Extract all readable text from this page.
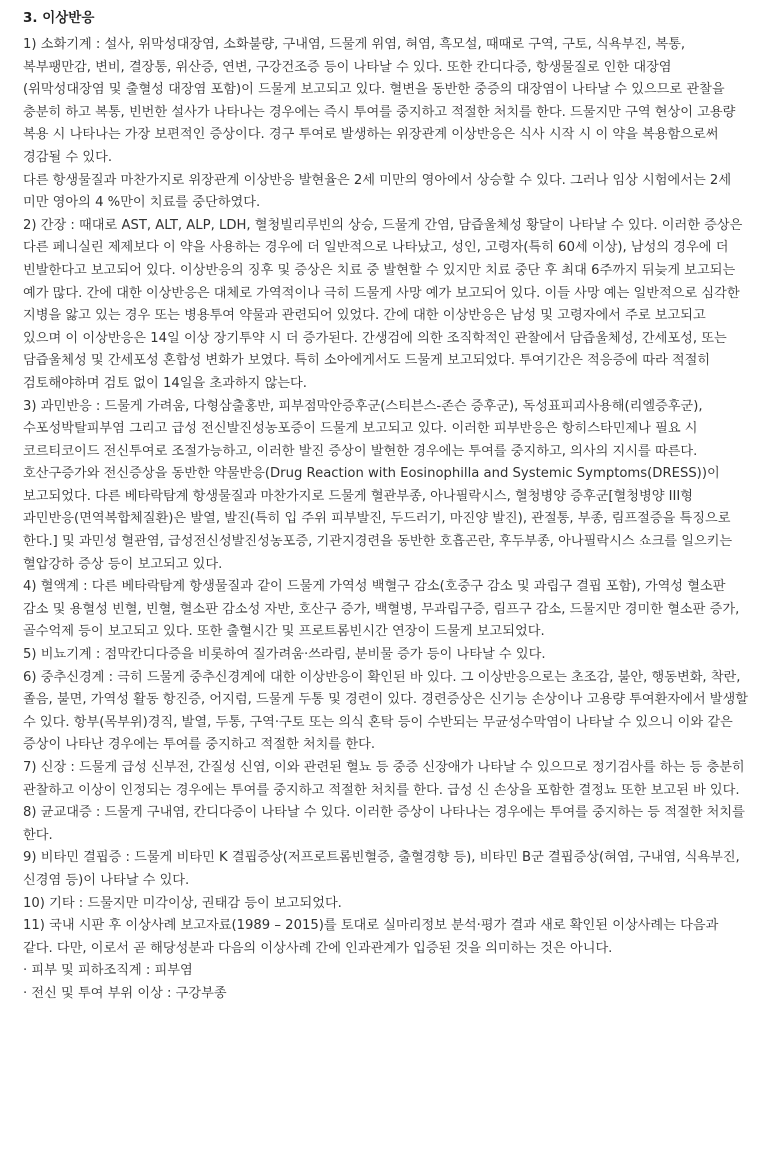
3. 이상반응

1) 소화기계 : 설사, 위막성대장염, 소화불량, 구내염, 드물게 위염, 혀염, 흑모설, 때때로 구역, 구토, 식욕부진, 복통, 복부팽만감, 변비, 결장통, 위산증, 연변, 구강건조증 등이 나타날 수 있다. 또한 칸디다증, 항생물질로 인한 대장염(위막성대장염 및 출혈성 대장염 포함)이 드물게 보고되고 있다. 혈변을 동반한 중증의 대장염이 나타날 수 있으므로 관찰을 충분히 하고 복통, 빈번한 설사가 나타나는 경우에는 즉시 투여를 중지하고 적절한 처치를 한다. 드물지만 구역 현상이 고용량 복용 시 나타나는 가장 보편적인 증상이다. 경구 투여로 발생하는 위장관계 이상반응은 식사 시작 시 이 약을 복용함으로써 경감될 수 있다.

다른 항생물질과 마찬가지로 위장관계 이상반응 발현율은 2세 미만의 영아에서 상승할 수 있다. 그러나 임상 시험에서는 2세 미만 영아의 4 %만이 치료를 중단하였다.

2) 간장 : 때대로 AST, ALT, ALP, LDH, 혈청빌리루빈의 상승, 드물게 간염, 담즙울체성 황달이 나타날 수 있다. 이러한 증상은 다른 페니실린 제제보다 이 약을 사용하는 경우에 더 일반적으로 나타났고, 성인, 고령자(특히 60세 이상), 남성의 경우에 더 빈발한다고 보고되어 있다. 이상반응의 징후 및 증상은 치료 중 발현할 수 있지만 치료 중단 후 최대 6주까지 뒤늦게 보고되는 예가 많다. 간에 대한 이상반응은 대체로 가역적이나 극히 드물게 사망 예가 보고되어 있다. 이들 사망 예는 일반적으로 심각한 지병을 앓고 있는 경우 또는 병용투여 약물과 관련되어 있었다. 간에 대한 이상반응은 남성 및 고령자에서 주로 보고되고 있으며 이 이상반응은 14일 이상 장기투약 시 더 증가된다. 간생검에 의한 조직학적인 관찰에서 담즙울체성, 간세포성, 또는 담즙울체성 및 간세포성 혼합성 변화가 보였다. 특히 소아에게서도 드물게 보고되었다. 투여기간은 적응증에 따라 적절히 검토해야하며 검토 없이 14일을 초과하지 않는다.

3) 과민반응 : 드물게 가려움, 다형삼출홍반, 피부점막안증후군(스티븐스-존슨 증후군), 독성표피괴사용해(리엘증후군), 수포성박탈피부염 그리고 급성 전신발진성농포증이 드물게 보고되고 있다. 이러한 피부반응은 항히스타민제나 필요 시 코르티코이드 전신투여로 조절가능하고, 이러한 발진 증상이 발현한 경우에는 투여를 중지하고, 의사의 지시를 따른다. 호산구증가와 전신증상을 동반한 약물반응(Drug Reaction with Eosinophilla and Systemic Symptoms(DRESS))이 보고되었다. 다른 베타락탐계 항생물질과 마찬가지로 드물게 혈관부종, 아나필락시스, 혈청병양 증후군[혈청병양 III형 과민반응(면역복합체질환)은 발열, 발진(특히 입 주위 피부발진, 두드러기, 마진양 발진), 관절통, 부종, 림프절증을 특징으로 한다.] 및 과민성 혈관염, 급성전신성발진성농포증, 기관지경련을 동반한 호흡곤란, 후두부종, 아나필락시스 쇼크를 일으키는 혈압강하 증상 등이 보고되고 있다.

4) 혈액계 : 다른 베타락탐계 항생물질과 같이 드물게 가역성 백혈구 감소(호중구 감소 및 과립구 결핍 포함), 가역성 혈소판 감소 및 용혈성 빈혈, 빈혈, 혈소판 감소성 자반, 호산구 증가, 백혈병, 무과립구증, 림프구 감소, 드물지만 경미한 혈소판 증가, 골수억제 등이 보고되고 있다. 또한 출혈시간 및 프로트롬빈시간 연장이 드물게 보고되었다.

5) 비뇨기계 : 점막칸디다증을 비롯하여 질가려움·쓰라림, 분비물 증가 등이 나타날 수 있다.

6) 중추신경계 : 극히 드물게 중추신경계에 대한 이상반응이 확인된 바 있다. 그 이상반응으로는 초조감, 불안, 행동변화, 착란, 졸음, 불면, 가역성 활동 항진증, 어지럼, 드물게 두통 및 경련이 있다. 경련증상은 신기능 손상이나 고용량 투여환자에서 발생할 수 있다. 항부(목부위)경직, 발열, 두통, 구역·구토 또는 의식 혼탁 등이 수반되는 무균성수막염이 나타날 수 있으니 이와 같은 증상이 나타난 경우에는 투여를 중지하고 적절한 처치를 한다.

7) 신장 : 드물게 급성 신부전, 간질성 신염, 이와 관련된 혈뇨 등 중증 신장애가 나타날 수 있으므로 정기검사를 하는 등 충분히 관찰하고 이상이 인정되는 경우에는 투여를 중지하고 적절한 처치를 한다. 급성 신 손상을 포함한 결정뇨 또한 보고된 바 있다.

8) 균교대증 : 드물게 구내염, 칸디다증이 나타날 수 있다. 이러한 증상이 나타나는 경우에는 투여를 중지하는 등 적절한 처치를 한다.

9) 비타민 결핍증 : 드물게 비타민 K 결핍증상(저프로트롬빈혈증, 출혈경향 등), 비타민 B군 결핍증상(혀염, 구내염, 식욕부진, 신경염 등)이 나타날 수 있다.

10) 기타 : 드물지만 미각이상, 권태감 등이 보고되었다.

11) 국내 시판 후 이상사례 보고자료(1989 – 2015)를 토대로 실마리정보 분석·평가 결과 새로 확인된 이상사례는 다음과 같다. 다만, 이로서 곧 해당성분과 다음의 이상사례 간에 인과관계가 입증된 것을 의미하는 것은 아니다.

· 피부 및 피하조직계 : 피부염

· 전신 및 투여 부위 이상 : 구강부종
